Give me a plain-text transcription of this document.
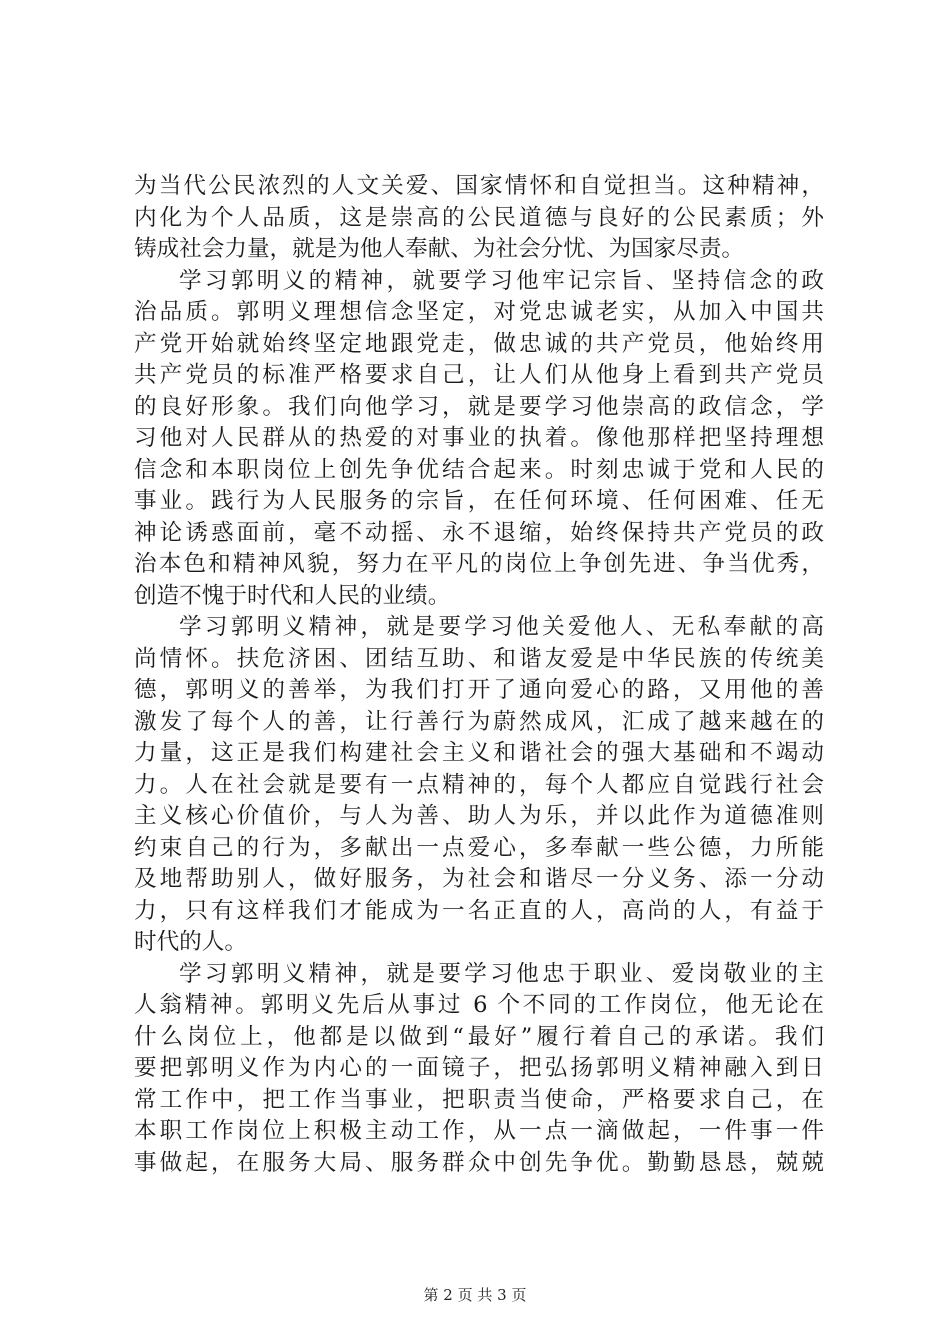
为当代公民浓烈的人文关爱、国家情怀和自觉担当。这种精神，
内化为个人品质，这是崇高的公民道德与良好的公民素质；外
铸成社会力量，就是为他人奉献、为社会分忧、为国家尽责。
学习郭明义的精神，就要学习他牢记宗旨、坚持信念的政
治品质。郭明义理想信念坚定，对党忠诚老实，从加入中国共
产党开始就始终坚定地跟党走，做忠诚的共产党员，他始终用
共产党员的标准严格要求自己，让人们从他身上看到共产党员
的良好形象。我们向他学习，就是要学习他崇高的政信念，学
习他对人民群从的热爱的对事业的执着。像他那样把坚持理想
信念和本职岗位上创先争优结合起来。时刻忠诚于党和人民的
事业。践行为人民服务的宗旨，在任何环境、任何困难、任无
神论诱惑面前，毫不动摇、永不退缩，始终保持共产党员的政
治本色和精神风貌，努力在平凡的岗位上争创先进、争当优秀，
创造不愧于时代和人民的业绩。
学习郭明义精神，就是要学习他关爱他人、无私奉献的高
尚情怀。扶危济困、团结互助、和谐友爱是中华民族的传统美
德，郭明义的善举，为我们打开了通向爱心的路，又用他的善
激发了每个人的善，让行善行为蔚然成风，汇成了越来越在的
力量，这正是我们构建社会主义和谐社会的强大基础和不竭动
力。人在社会就是要有一点精神的，每个人都应自觉践行社会
主义核心价值价，与人为善、助人为乐，并以此作为道德准则
约束自己的行为，多献出一点爱心，多奉献一些公德，力所能
及地帮助别人，做好服务，为社会和谐尽一分义务、添一分动
力，只有这样我们才能成为一名正直的人，高尚的人，有益于
时代的人。
学习郭明义精神，就是要学习他忠于职业、爱岗敬业的主
人翁精神。郭明义先后从事过 6 个不同的工作岗位，他无论在
什么岗位上，他都是以做到“最好”履行着自己的承诺。我们
要把郭明义作为内心的一面镜子，把弘扬郭明义精神融入到日
常工作中，把工作当事业，把职责当使命，严格要求自己，在
本职工作岗位上积极主动工作，从一点一滴做起，一件事一件
事做起，在服务大局、服务群众中创先争优。勤勤恳恳，兢兢
第 2 页 共 3 页
